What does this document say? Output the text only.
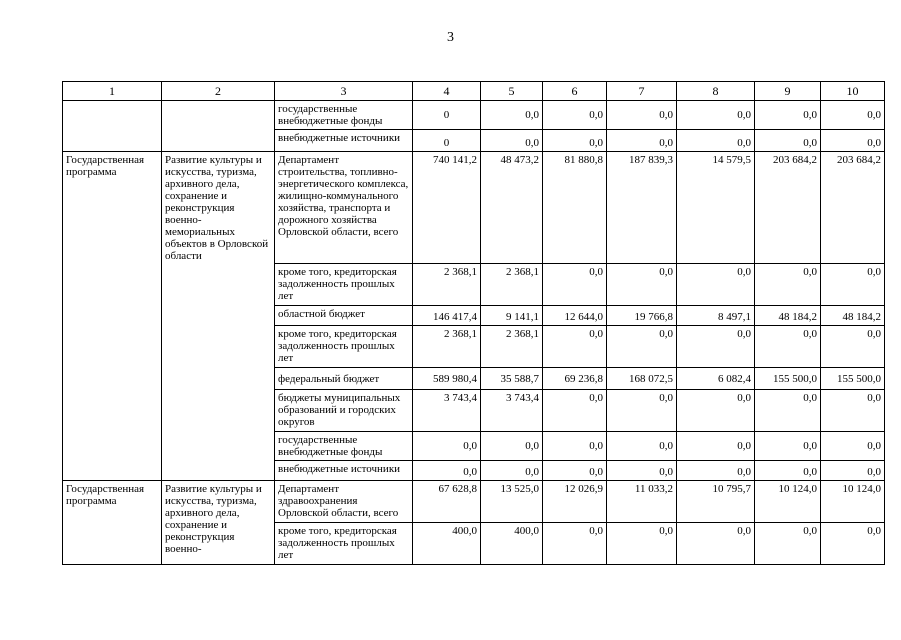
3
1	2	3	4	5	6	7	8	9	10
		государственные внебюджетные фонды	0	0,0	0,0	0,0	0,0	0,0	0,0
		внебюджетные источники	0	0,0	0,0	0,0	0,0	0,0	0,0
Государственная программа	Развитие культуры и искусства, туризма, архивного дела, сохранение и реконструкция военно-мемориальных объектов в Орловской области	Департамент строительства, топливно-энергетического комплекса, жилищно-коммунального хозяйства, транспорта и дорожного хозяйства Орловской области, всего	740 141,2	48 473,2	81 880,8	187 839,3	14 579,5	203 684,2	203 684,2
		кроме того, кредиторская задолженность прошлых лет	2 368,1	2 368,1	0,0	0,0	0,0	0,0	0,0
		областной бюджет	146 417,4	9 141,1	12 644,0	19 766,8	8 497,1	48 184,2	48 184,2
		кроме того, кредиторская задолженность прошлых лет	2 368,1	2 368,1	0,0	0,0	0,0	0,0	0,0
		федеральный бюджет	589 980,4	35 588,7	69 236,8	168 072,5	6 082,4	155 500,0	155 500,0
		бюджеты муниципальных образований и городских округов	3 743,4	3 743,4	0,0	0,0	0,0	0,0	0,0
		государственные внебюджетные фонды	0,0	0,0	0,0	0,0	0,0	0,0	0,0
		внебюджетные источники	0,0	0,0	0,0	0,0	0,0	0,0	0,0
Государственная программа	Развитие культуры и искусства, туризма, архивного дела, сохранение и реконструкция военно-	Департамент здравоохранения Орловской области, всего	67 628,8	13 525,0	12 026,9	11 033,2	10 795,7	10 124,0	10 124,0
		кроме того, кредиторская задолженность прошлых лет	400,0	400,0	0,0	0,0	0,0	0,0	0,0
